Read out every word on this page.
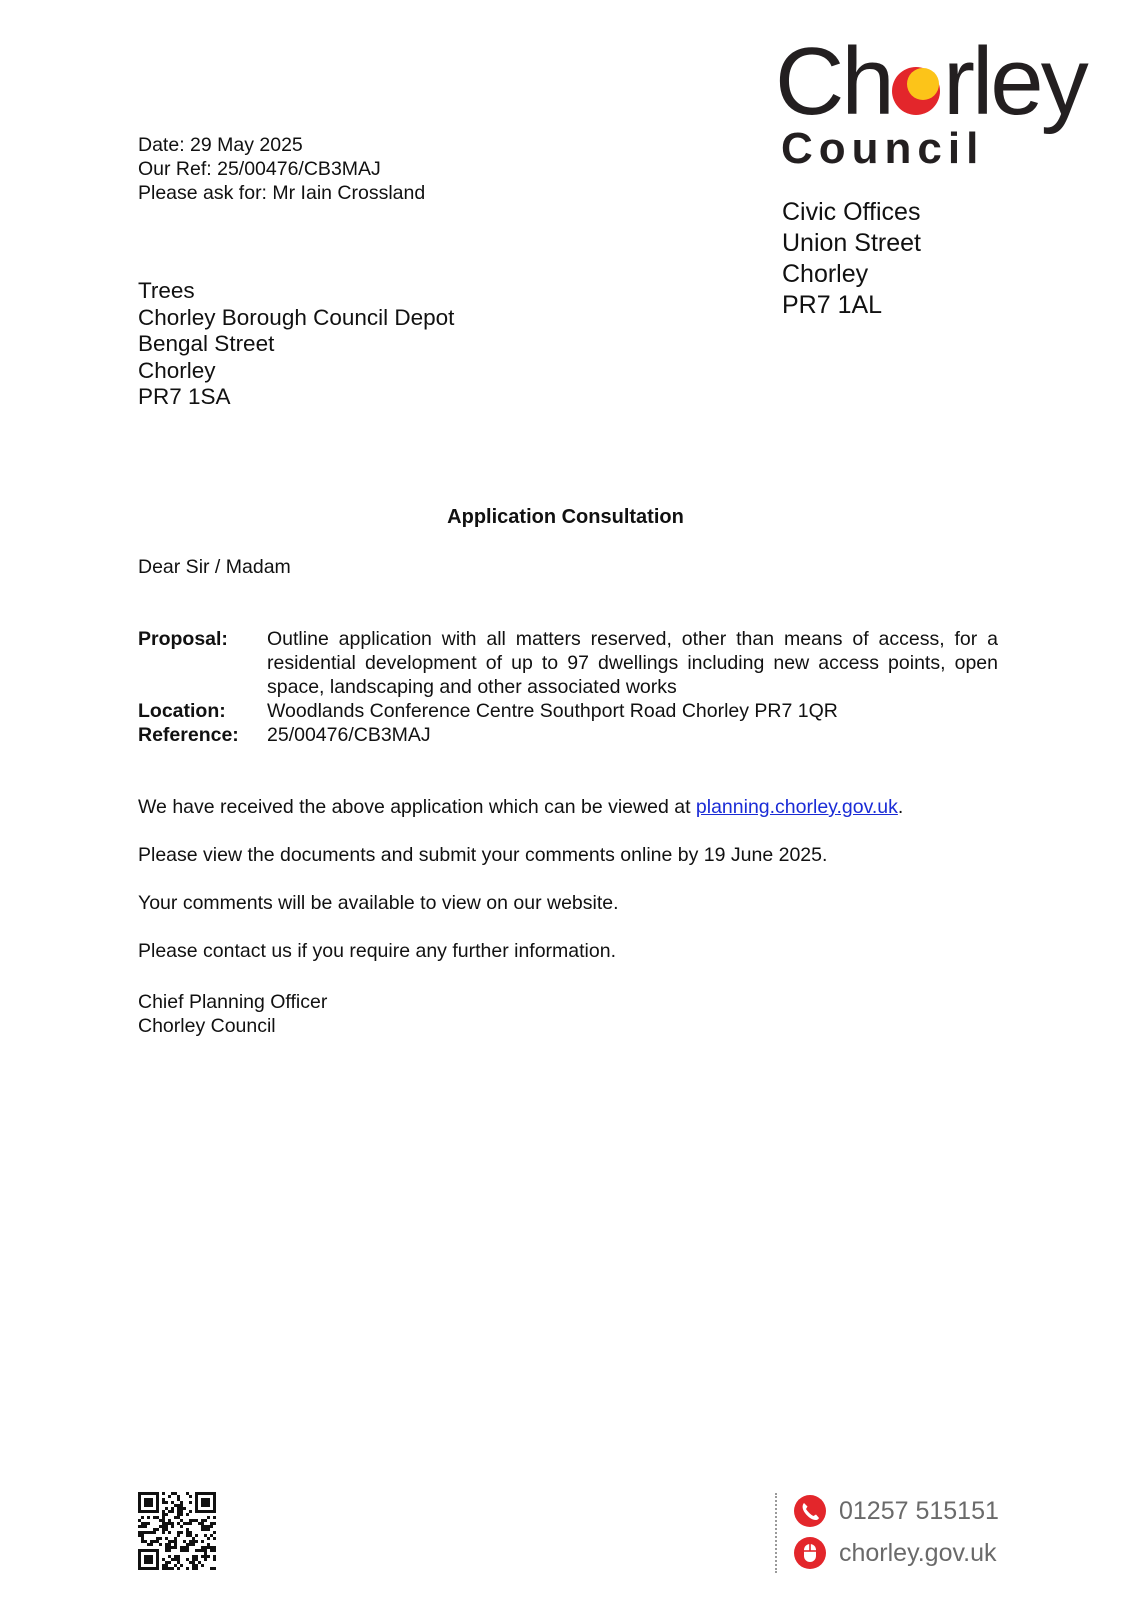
Ch rley
Council
Date: 29 May 2025
Our Ref: 25/00476/CB3MAJ
Please ask for: Mr Iain Crossland
Civic Offices
Union Street
Chorley
PR7 1AL
Trees
Chorley Borough Council Depot
Bengal Street
Chorley
PR7 1SA
Application Consultation
Dear Sir / Madam
Proposal:	Outline application with all matters reserved, other than means of access, for a residential development of up to 97 dwellings including new access points, open space, landscaping and other associated works
Location:	Woodlands Conference Centre Southport Road Chorley PR7 1QR
Reference:	25/00476/CB3MAJ
We have received the above application which can be viewed at planning.chorley.gov.uk.
Please view the documents and submit your comments online by 19 June 2025.
Your comments will be available to view on our website.
Please contact us if you require any further information.
Chief Planning Officer
Chorley Council
01257 515151
chorley.gov.uk
